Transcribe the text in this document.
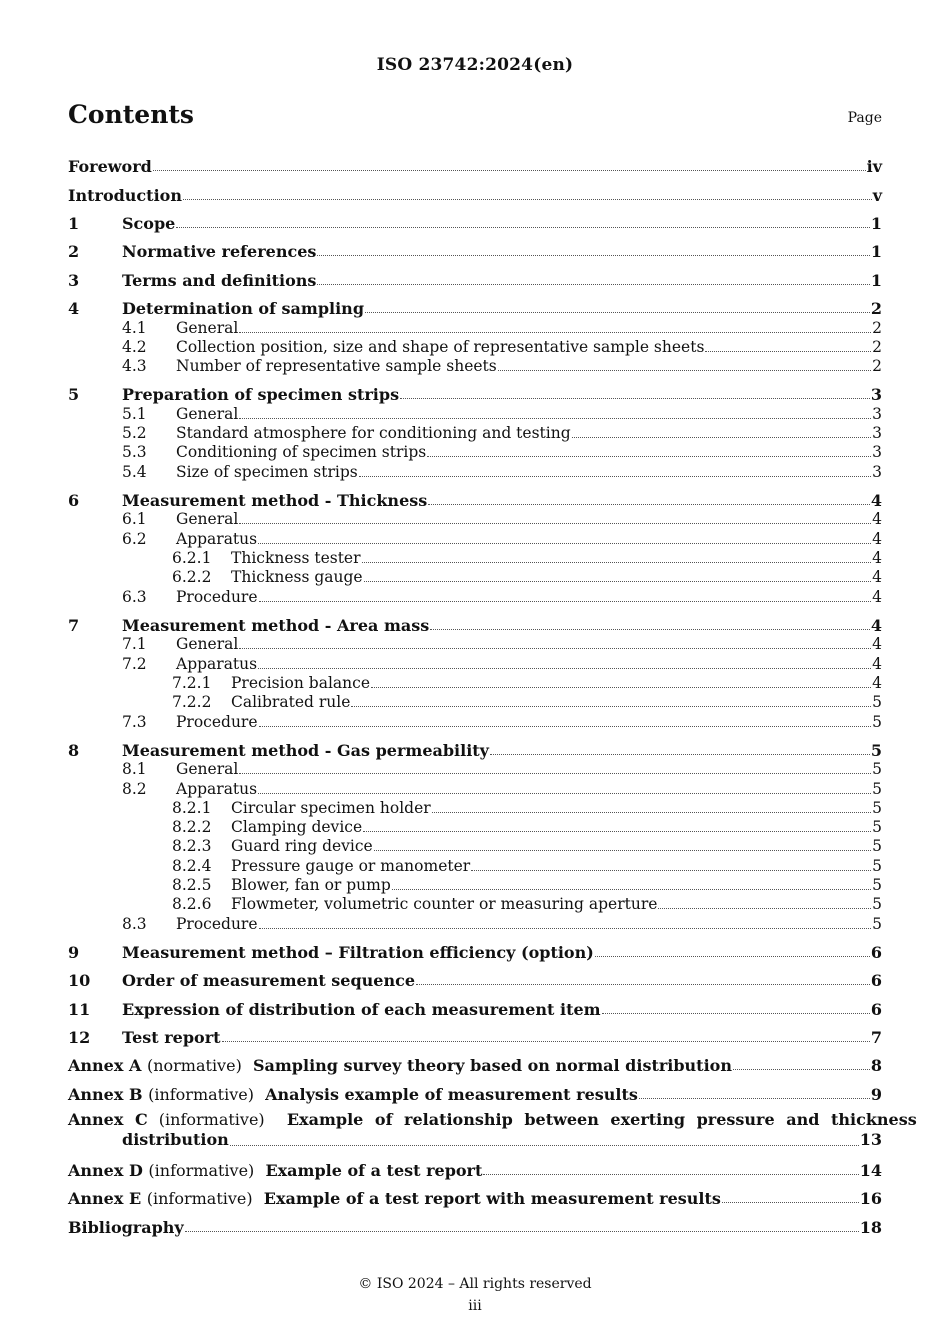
ISO 23742:2024(en)
Contents	Page
Foreword	iv
Introduction	v
1	Scope	1
2	Normative references	1
3	Terms and definitions	1
4	Determination of sampling	2
4.1	General	2
4.2	Collection position, size and shape of representative sample sheets	2
4.3	Number of representative sample sheets	2
5	Preparation of specimen strips	3
5.1	General	3
5.2	Standard atmosphere for conditioning and testing	3
5.3	Conditioning of specimen strips	3
5.4	Size of specimen strips	3
6	Measurement method - Thickness	4
6.1	General	4
6.2	Apparatus	4
6.2.1	Thickness tester	4
6.2.2	Thickness gauge	4
6.3	Procedure	4
7	Measurement method - Area mass	4
7.1	General	4
7.2	Apparatus	4
7.2.1	Precision balance	4
7.2.2	Calibrated rule	5
7.3	Procedure	5
8	Measurement method - Gas permeability	5
8.1	General	5
8.2	Apparatus	5
8.2.1	Circular specimen holder	5
8.2.2	Clamping device	5
8.2.3	Guard ring device	5
8.2.4	Pressure gauge or manometer	5
8.2.5	Blower, fan or pump	5
8.2.6	Flowmeter, volumetric counter or measuring aperture	5
8.3	Procedure	5
9	Measurement method – Filtration efficiency (option)	6
10	Order of measurement sequence	6
11	Expression of distribution of each measurement item	6
12	Test report	7
Annex A (normative) Sampling survey theory based on normal distribution	8
Annex B (informative) Analysis example of measurement results	9
Annex C (informative) Example of relationship between exerting pressure and thickness
distribution	13
Annex D (informative) Example of a test report	14
Annex E (informative) Example of a test report with measurement results	16
Bibliography	18
© ISO 2024 – All rights reserved
iii
